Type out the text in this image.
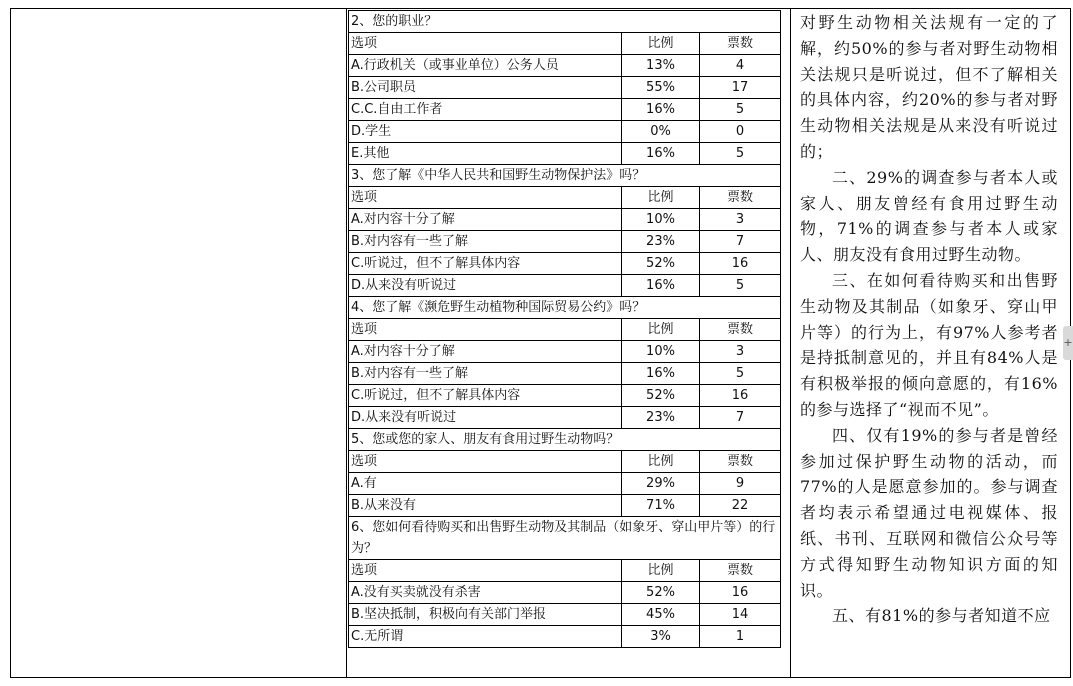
2、您的职业？		
选项	比例	票数
A.行政机关（或事业单位）公务人员	13%	4
B.公司职员	55%	17
C.C.自由工作者	16%	5
D.学生	0%	0
E.其他	16%	5
3、您了解《中华人民共和国野生动物保护法》吗？		
选项	比例	票数
A.对内容十分了解	10%	3
B.对内容有一些了解	23%	7
C.听说过，但不了解具体内容	52%	16
D.从来没有听说过	16%	5
4、您了解《濒危野生动植物种国际贸易公约》吗？		
选项	比例	票数
A.对内容十分了解	10%	3
B.对内容有一些了解	16%	5
C.听说过，但不了解具体内容	52%	16
D.从来没有听说过	23%	7
5、您或您的家人、朋友有食用过野生动物吗？		
选项	比例	票数
A.有	29%	9
B.从来没有	71%	22
6、您如何看待购买和出售野生动物及其制品（如象牙、穿山甲片等）的行为？		
选项	比例	票数
A.没有买卖就没有杀害	52%	16
B.坚决抵制，积极向有关部门举报	45%	14
C.无所谓	3%	1

对野生动物相关法规有一定的了解，约50%的参与者对野生动物相关法规只是听说过，但不了解相关的具体内容，约20%的参与者对野生动物相关法规是从来没有听说过的；

二、29%的调查参与者本人或家人、朋友曾经有食用过野生动物，71%的调查参与者本人或家人、朋友没有食用过野生动物。

三、在如何看待购买和出售野生动物及其制品（如象牙、穿山甲片等）的行为上，有97%人参考者是持抵制意见的，并且有84%人是有积极举报的倾向意愿的，有16%的参与选择了“视而不见”。

四、仅有19%的参与者是曾经参加过保护野生动物的活动，而77%的人是愿意参加的。参与调查者均表示希望通过电视媒体、报纸、书刊、互联网和微信公众号等方式得知野生动物知识方面的知识。

五、有81%的参与者知道不应

+
